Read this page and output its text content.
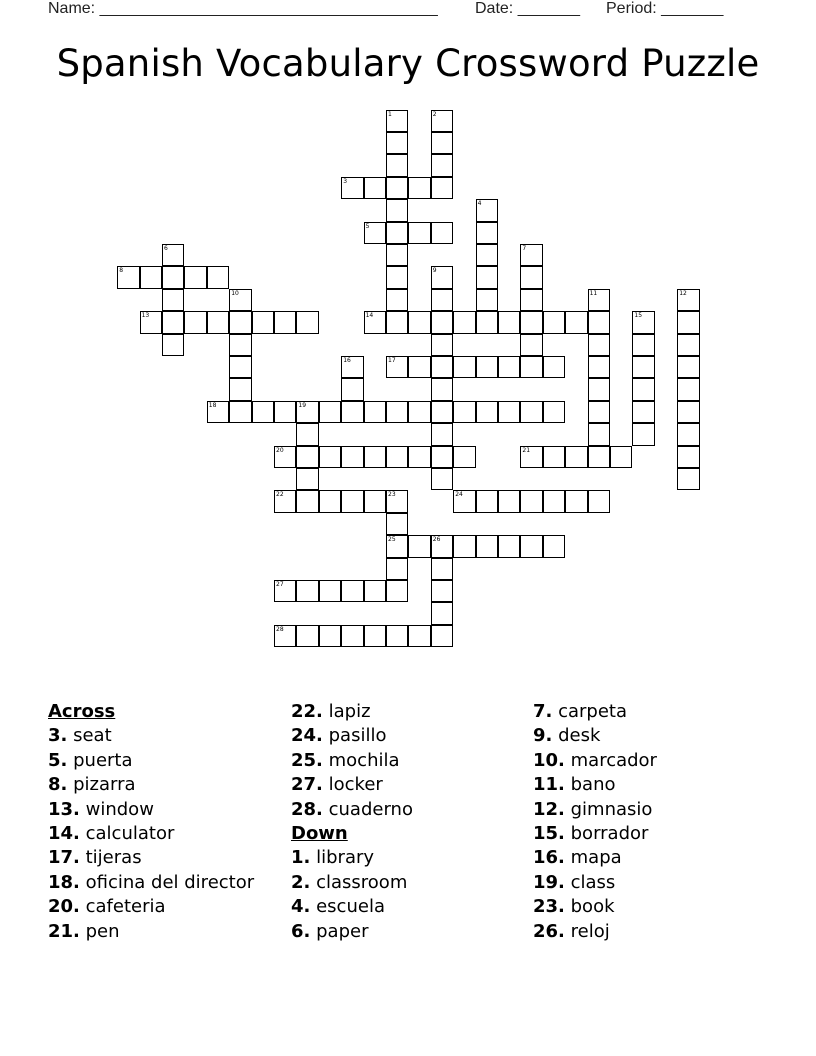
Name: ______________________________________ Date: _______ Period: _______
Spanish Vocabulary Crossword Puzzle
1	2
3
4
5
6	7
8	9
10	11	12
13	14	15
16	17
18	19
20	21
22	23
25
24
26
27
28
Across
3. seat
5. puerta
8. pizarra
13. window
14. calculator
17. tijeras
18. oficina del director
20. cafeteria
21. pen
22. lapiz
24. pasillo
25. mochila
27. locker
28. cuaderno
Down
1. library
2. classroom
4. escuela
6. paper
7. carpeta
9. desk
10. marcador
11. bano
12. gimnasio
15. borrador
16. mapa
19. class
23. book
26. reloj
